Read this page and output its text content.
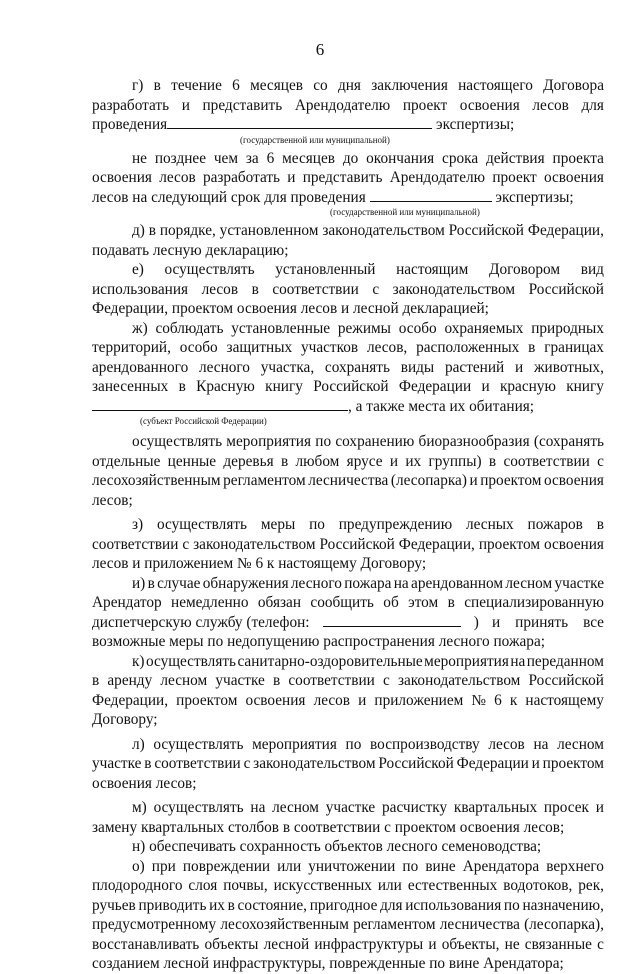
6
г) в течение 6 месяцев со дня заключения настоящего Договора
разработать и представить Арендодателю проект освоения лесов для
проведения	экспертизы;
(государственной или муниципальной)
не позднее чем за 6 месяцев до окончания срока действия проекта
освоения лесов разработать и представить Арендодателю проект освоения
лесов на следующий срок для проведения	экспертизы;
(государственной или муниципальной)
д) в порядке, установленном законодательством Российской Федерации,
подавать лесную декларацию;
е) осуществлять установленный настоящим Договором вид
использования лесов в соответствии с законодательством Российской
Федерации, проектом освоения лесов и лесной декларацией;
ж) соблюдать установленные режимы особо охраняемых природных
территорий, особо защитных участков лесов, расположенных в границах
арендованного лесного участка, сохранять виды растений и животных,
занесенных в Красную книгу Российской Федерации и красную книгу
, а также места их обитания;
(субъект Российской Федерации)
осуществлять мероприятия по сохранению биоразнообразия (сохранять
отдельные ценные деревья в любом ярусе и их группы) в соответствии с
лесохозяйственным регламентом лесничества (лесопарка) и проектом освоения
лесов;
з) осуществлять меры по предупреждению лесных пожаров в
соответствии с законодательством Российской Федерации, проектом освоения
лесов и приложением № 6 к настоящему Договору;
и) в случае обнаружения лесного пожара на арендованном лесном участке
Арендатор немедленно обязан сообщить об этом в специализированную
диспетчерскую службу (телефон:	) и принять все
возможные меры по недопущению распространения лесного пожара;
к) осуществлять санитарно-оздоровительные мероприятия на переданном
в аренду лесном участке в соответствии с законодательством Российской
Федерации, проектом освоения лесов и приложением № 6 к настоящему
Договору;
л) осуществлять мероприятия по воспроизводству лесов на лесном
участке в соответствии с законодательством Российской Федерации и проектом
освоения лесов;
м) осуществлять на лесном участке расчистку квартальных просек и
замену квартальных столбов в соответствии с проектом освоения лесов;
н) обеспечивать сохранность объектов лесного семеноводства;
о) при повреждении или уничтожении по вине Арендатора верхнего
плодородного слоя почвы, искусственных или естественных водотоков, рек,
ручьев приводить их в состояние, пригодное для использования по назначению,
предусмотренному лесохозяйственным регламентом лесничества (лесопарка),
восстанавливать объекты лесной инфраструктуры и объекты, не связанные с
созданием лесной инфраструктуры, поврежденные по вине Арендатора;
